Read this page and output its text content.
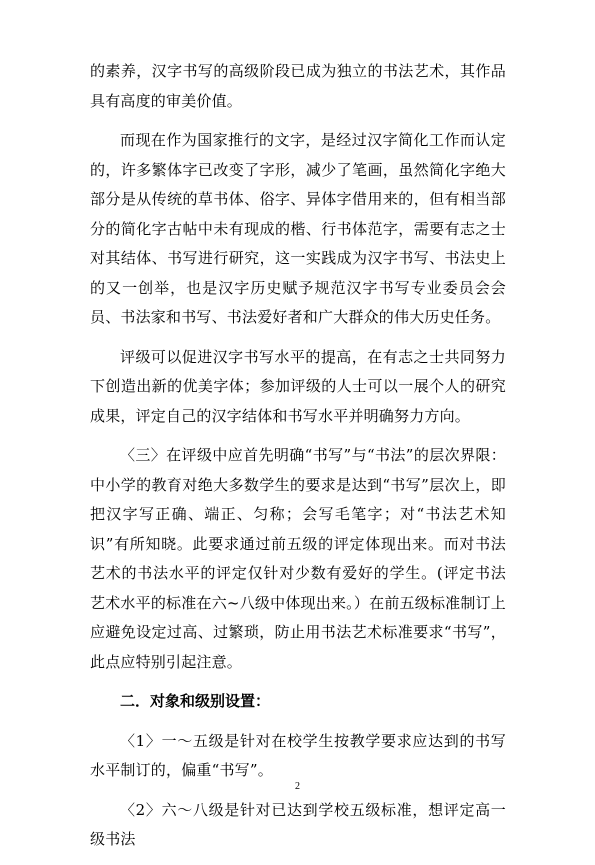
的素养，汉字书写的高级阶段已成为独立的书法艺术，其作品具有高度的审美价值。

而现在作为国家推行的文字，是经过汉字简化工作而认定的，许多繁体字已改变了字形，减少了笔画，虽然简化字绝大部分是从传统的草书体、俗字、异体字借用来的，但有相当部分的简化字古帖中未有现成的楷、行书体范字，需要有志之士对其结体、书写进行研究，这一实践成为汉字书写、书法史上的又一创举，也是汉字历史赋予规范汉字书写专业委员会会员、书法家和书写、书法爱好者和广大群众的伟大历史任务。

评级可以促进汉字书写水平的提高，在有志之士共同努力下创造出新的优美字体；参加评级的人士可以一展个人的研究成果，评定自己的汉字结体和书写水平并明确努力方向。

〈三〉在评级中应首先明确“书写”与“书法”的层次界限：中小学的教育对绝大多数学生的要求是达到“书写”层次上，即把汉字写正确、端正、匀称；会写毛笔字；对“书法艺术知识”有所知晓。此要求通过前五级的评定体现出来。而对书法艺术的书法水平的评定仅针对少数有爱好的学生。(评定书法艺术水平的标准在六~八级中体现出来。）在前五级标准制订上应避免设定过高、过繁琐，防止用书法艺术标准要求“书写”，此点应特别引起注意。

二．对象和级别设置：

〈1〉一～五级是针对在校学生按教学要求应达到的书写水平制订的，偏重“书写”。

〈2〉六～八级是针对已达到学校五级标准，想评定高一级书法

2
